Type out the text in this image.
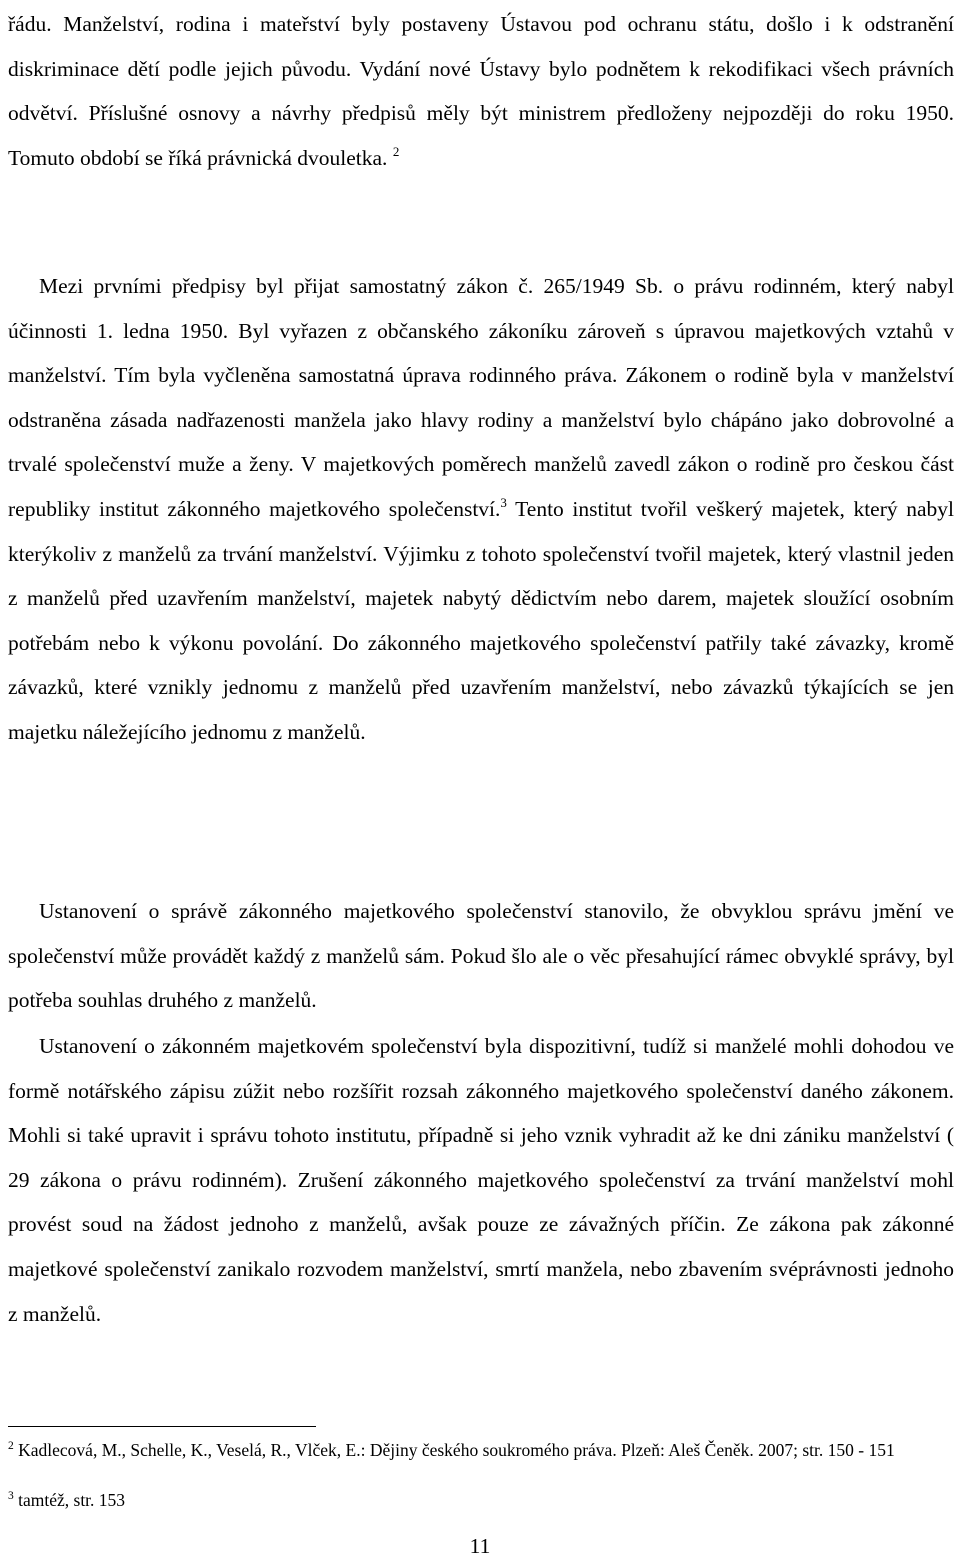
řádu. Manželství, rodina i mateřství byly postaveny Ústavou pod ochranu státu, došlo i k odstranění diskriminace dětí podle jejich původu. Vydání nové Ústavy bylo podnětem k rekodifikaci všech právních odvětví. Příslušné osnovy a návrhy předpisů měly být ministrem předloženy nejpozději do roku 1950. Tomuto období se říká právnická dvouletka. $^2$

Mezi prvními předpisy byl přijat samostatný zákon č. 265/1949 Sb. o právu rodinném, který nabyl účinnosti 1. ledna 1950. Byl vyřazen z občanského zákoníku zároveň s úpravou majetkových vztahů v manželství. Tím byla vyčleněna samostatná úprava rodinného práva. Zákonem o rodině byla v manželství odstraněna zásada nadřazenosti manžela jako hlavy rodiny a manželství bylo chápáno jako dobrovolné a trvalé společenství muže a ženy. V majetkových poměrech manželů zavedl zákon o rodině pro českou část republiky institut zákonného majetkového společenství.$^3$ Tento institut tvořil veškerý majetek, který nabyl kterýkoliv z manželů za trvání manželství. Výjimku z tohoto společenství tvořil majetek, který vlastnil jeden z manželů před uzavřením manželství, majetek nabytý dědictvím nebo darem, majetek sloužící osobním potřebám nebo k výkonu povolání. Do zákonného majetkového společenství patřily také závazky, kromě závazků, které vznikly jednomu z manželů před uzavřením manželství, nebo závazků týkajících se jen majetku náležejícího jednomu z manželů.

Ustanovení o správě zákonného majetkového společenství stanovilo, že obvyklou správu jmění ve společenství může provádět každý z manželů sám. Pokud šlo ale o věc přesahující rámec obvyklé správy, byl potřeba souhlas druhého z manželů.

Ustanovení o zákonném majetkovém společenství byla dispozitivní, tudíž si manželé mohli dohodou ve formě notářského zápisu zúžit nebo rozšířit rozsah zákonného majetkového společenství daného zákonem. Mohli si také upravit i správu tohoto institutu, případně si jeho vznik vyhradit až ke dni zániku manželství ( 29 zákona o právu rodinném). Zrušení zákonného majetkového společenství za trvání manželství mohl provést soud na žádost jednoho z manželů, avšak pouze ze závažných příčin. Ze zákona pak zákonné majetkové společenství zanikalo rozvodem manželství, smrtí manžela, nebo zbavením svéprávnosti jednoho z manželů.

$^2$ Kadlecová, M., Schelle, K., Veselá, R., Vlček, E.: Dějiny českého soukromého práva. Plzeň: Aleš Čeněk. 2007; str. 150 - 151

$^3$ tamtéž, str. 153

11
